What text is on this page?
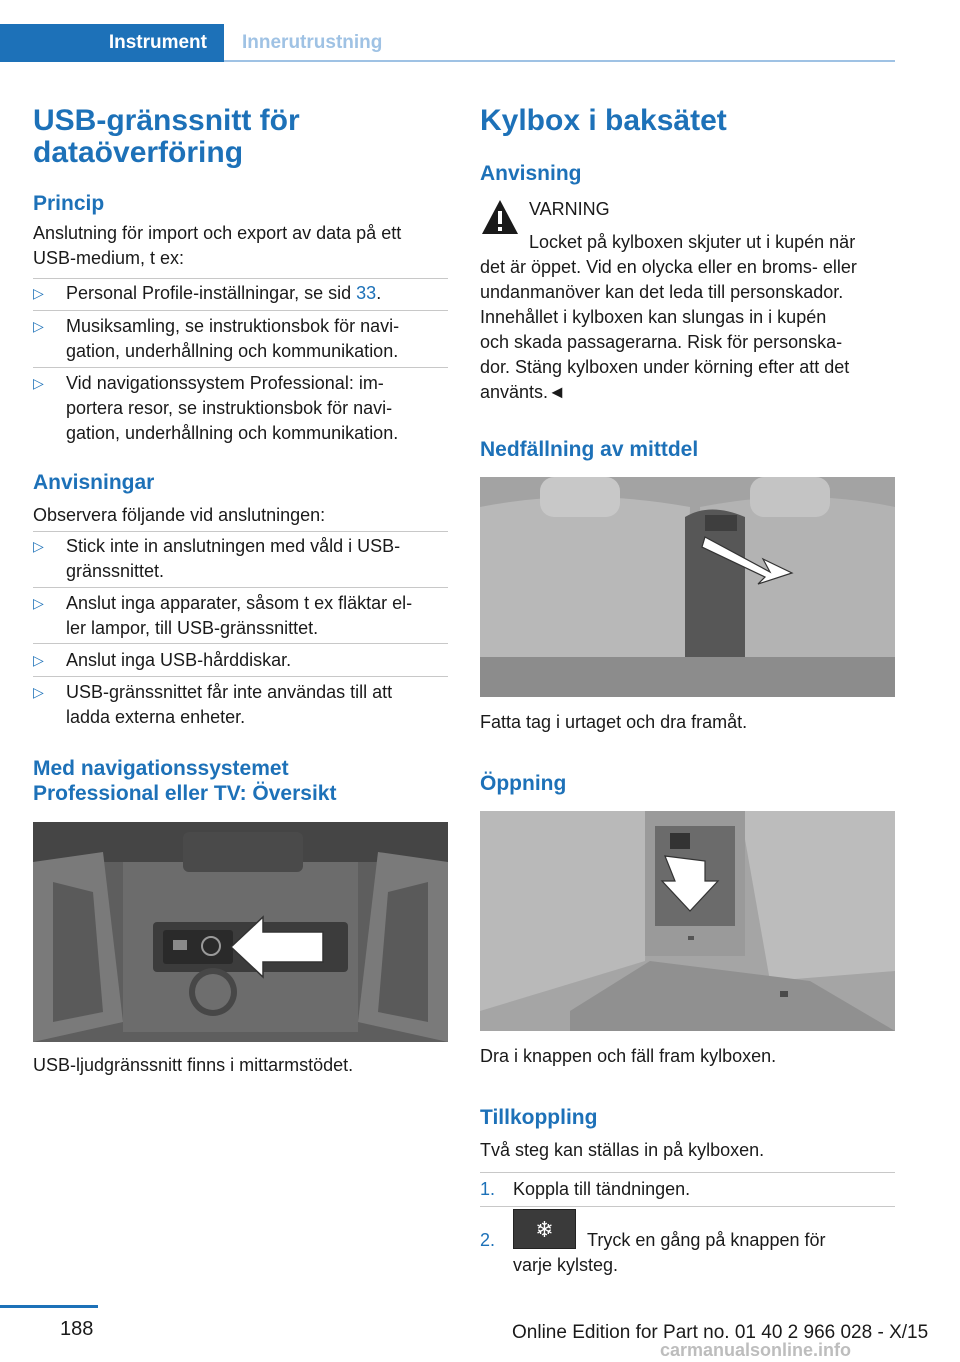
Instrument	Innerutrustning
USB-gränssnitt för
dataöverföring
Princip
Anslutning för import och export av data på ett
USB-medium, t ex:
▷ Personal Profile-inställningar, se sid 33.
▷ Musiksamling, se instruktionsbok för navi-
gation, underhållning och kommunikation.
▷ Vid navigationssystem Professional: im-
portera resor, se instruktionsbok för navi-
gation, underhållning och kommunikation.
Anvisningar
Observera följande vid anslutningen:
▷ Stick inte in anslutningen med våld i USB-
gränssnittet.
▷ Anslut inga apparater, såsom t ex fläktar el-
ler lampor, till USB-gränssnittet.
▷ Anslut inga USB-hårddiskar.
▷ USB-gränssnittet får inte användas till att
ladda externa enheter.
Med navigationssystemet
Professional eller TV: Översikt
USB-ljudgränssnitt finns i mittarmstödet.
Kylbox i baksätet
Anvisning
VARNING
Locket på kylboxen skjuter ut i kupén när
det är öppet. Vid en olycka eller en broms- eller
undanmanöver kan det leda till personskador.
Innehållet i kylboxen kan slungas in i kupén
och skada passagerarna. Risk för personska-
dor. Stäng kylboxen under körning efter att det
använts.◄
Nedfällning av mittdel
Fatta tag i urtaget och dra framåt.
Öppning
Dra i knappen och fäll fram kylboxen.
Tillkoppling
Två steg kan ställas in på kylboxen.
1. Koppla till tändningen.
2.	❄	Tryck en gång på knappen för
varje kylsteg.
188	Online Edition for Part no. 01 40 2 966 028 - X/15
carmanualsonline.info
